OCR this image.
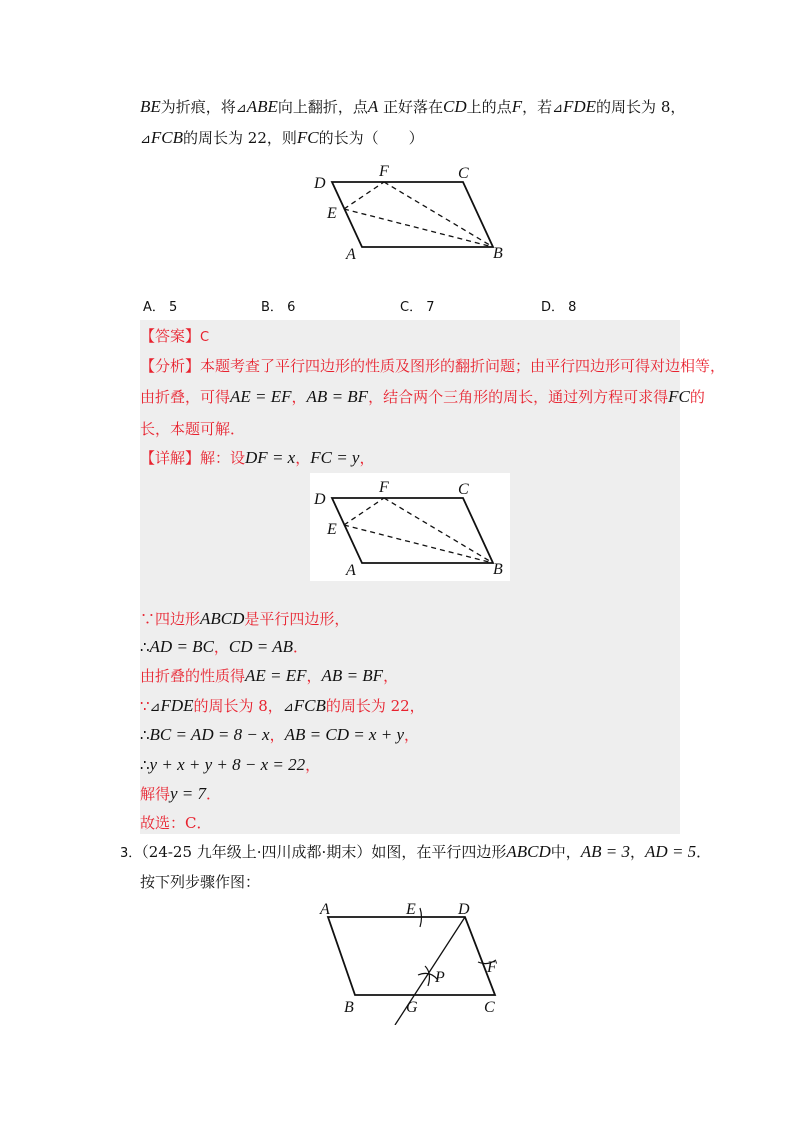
BE为折痕，将⊿ABE向上翻折，点A 正好落在CD上的点F，若⊿FDE的周长为 8，
⊿FCB的周长为 22，则FC的长为（　　）
D
F	C
E
A	B
A． 5	B． 6	C． 7	D． 8
【答案】C
【分析】本题考查了平行四边形的性质及图形的翻折问题；由平行四边形可得对边相等，
由折叠，可得AE = EF，AB = BF，结合两个三角形的周长，通过列方程可求得FC的
长，本题可解．
【详解】解：设DF = x，FC = y，
D
F	C
E
A	B
∵四边形ABCD是平行四边形，
∴AD = BC，CD = AB．
由折叠的性质得AE = EF，AB = BF，
∵⊿FDE的周长为 8，⊿FCB的周长为 22，
∴BC = AD = 8 − x，AB = CD = x + y，
∴y + x + y + 8 − x = 22，
解得y = 7．
故选：C．
3．（24-25 九年级上·四川成都·期末）如图，在平行四边形ABCD中，AB = 3，AD = 5．
按下列步骤作图：
A	E	D
F
P
B	G	C
